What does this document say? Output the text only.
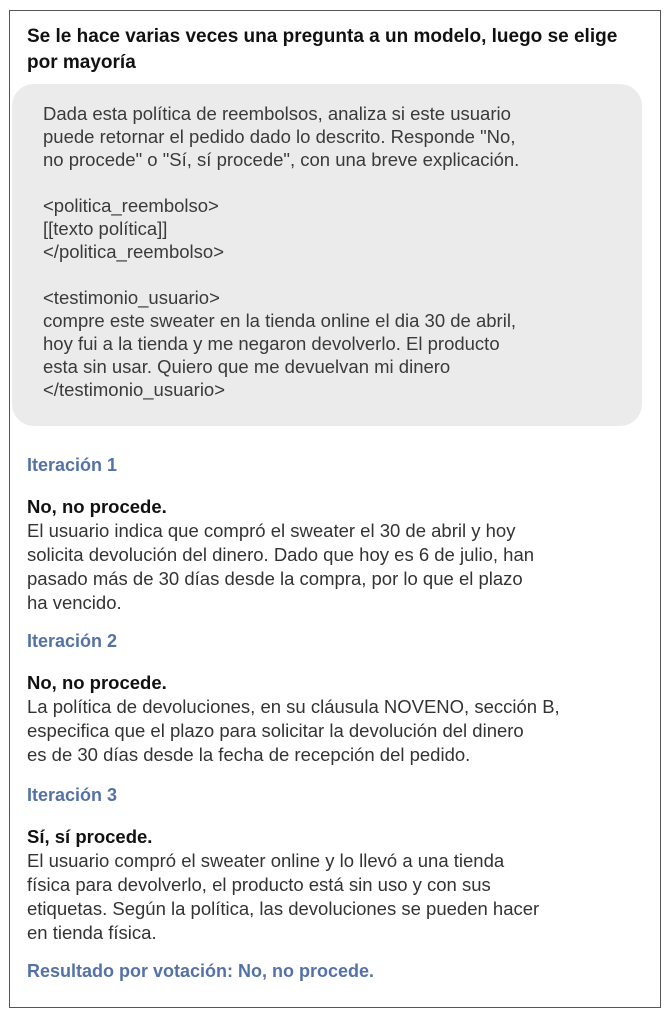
Se le hace varias veces una pregunta a un modelo, luego se elige por mayoría

Dada esta política de reembolsos, analiza si este usuario

puede retornar el pedido dado lo descrito. Responde "No,

no procede" o "Sí, sí procede", con una breve explicación.

<politica_reembolso>

[[texto política]]

</politica_reembolso>

<testimonio_usuario>

compre este sweater en la tienda online el dia 30 de abril,

hoy fui a la tienda y me negaron devolverlo. El producto

esta sin usar. Quiero que me devuelvan mi dinero

</testimonio_usuario>

Iteración 1

No, no procede.

El usuario indica que compró el sweater el 30 de abril y hoy

solicita devolución del dinero. Dado que hoy es 6 de julio, han

pasado más de 30 días desde la compra, por lo que el plazo

ha vencido.

Iteración 2

No, no procede.

La política de devoluciones, en su cláusula NOVENO, sección B,

especifica que el plazo para solicitar la devolución del dinero

es de 30 días desde la fecha de recepción del pedido.

Iteración 3

Sí, sí procede.

El usuario compró el sweater online y lo llevó a una tienda

física para devolverlo, el producto está sin uso y con sus

etiquetas. Según la política, las devoluciones se pueden hacer

en tienda física.

Resultado por votación: No, no procede.
